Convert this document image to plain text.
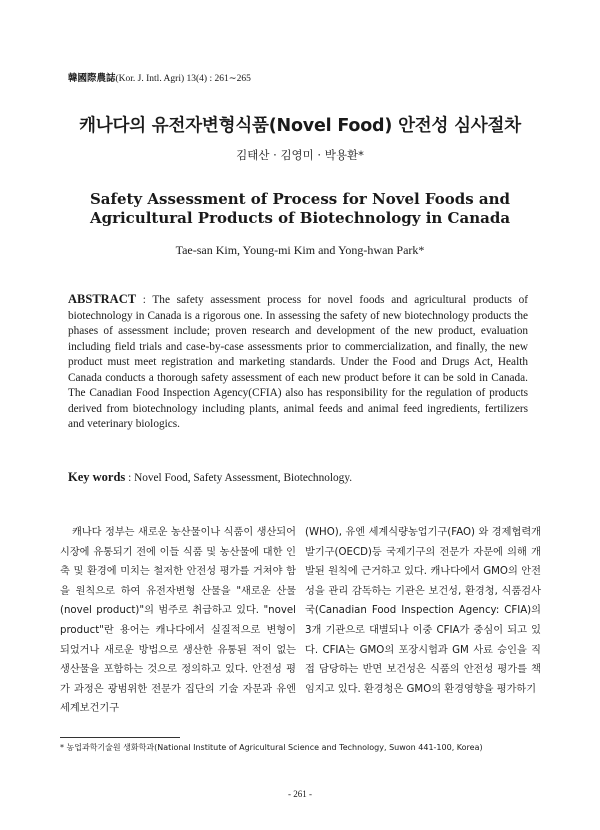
韓國際農誌(Kor. J. Intl. Agri) 13(4) : 261∼265
캐나다의 유전자변형식품(Novel Food) 안전성 심사절차
김태산 · 김영미 · 박용환*
Safety Assessment of Process for Novel Foods and Agricultural Products of Biotechnology in Canada
Tae-san Kim, Young-mi Kim and Yong-hwan Park*
ABSTRACT : The safety assessment process for novel foods and agricultural products of biotechnology in Canada is a rigorous one. In assessing the safety of new biotechnology products the phases of assessment include; proven research and development of the new product, evaluation including field trials and case-by-case assessments prior to commercialization, and finally, the new product must meet registration and marketing standards. Under the Food and Drugs Act, Health Canada conducts a thorough safety assessment of each new product before it can be sold in Canada. The Canadian Food Inspection Agency(CFIA) also has responsibility for the regulation of products derived from biotechnology including plants, animal feeds and animal feed ingredients, fertilizers and veterinary biologics.
Key words : Novel Food, Safety Assessment, Biotechnology.

캐나다 정부는 새로운 농산물이나 식품이 생산되어 시장에 유통되기 전에 이들 식품 및 농산물에 대한 인축 및 환경에 미치는 철저한 안전성 평가를 거쳐야 함을 원칙으로 하여 유전자변형 산물을 "새로운 산물(novel product)"의 범주로 취급하고 있다. "novel product"란 용어는 캐나다에서 실질적으로 변형이 되었거나 새로운 방법으로 생산한 유통된 적이 없는 생산물을 포함하는 것으로 정의하고 있다. 안전성 평가 과정은 광범위한 전문가 집단의 기술 자문과 유엔 세계보건기구

(WHO), 유엔 세계식량농업기구(FAO) 와 경제협력개발기구(OECD)등 국제기구의 전문가 자문에 의해 개발된 원칙에 근거하고 있다. 캐나다에서 GMO의 안전성을 관리 감독하는 기관은 보건성, 환경청, 식품검사국(Canadian Food Inspection Agency: CFIA)의 3개 기관으로 대별되나 이중 CFIA가 중심이 되고 있다. CFIA는 GMO의 포장시험과 GM 사료 승인을 직접 담당하는 반면 보건성은 식품의 안전성 평가를 책임지고 있다. 환경청은 GMO의 환경영향을 평가하기

* 농업과학기술원 생화학과(National Institute of Agricultural Science and Technology, Suwon 441-100, Korea)
- 261 -
